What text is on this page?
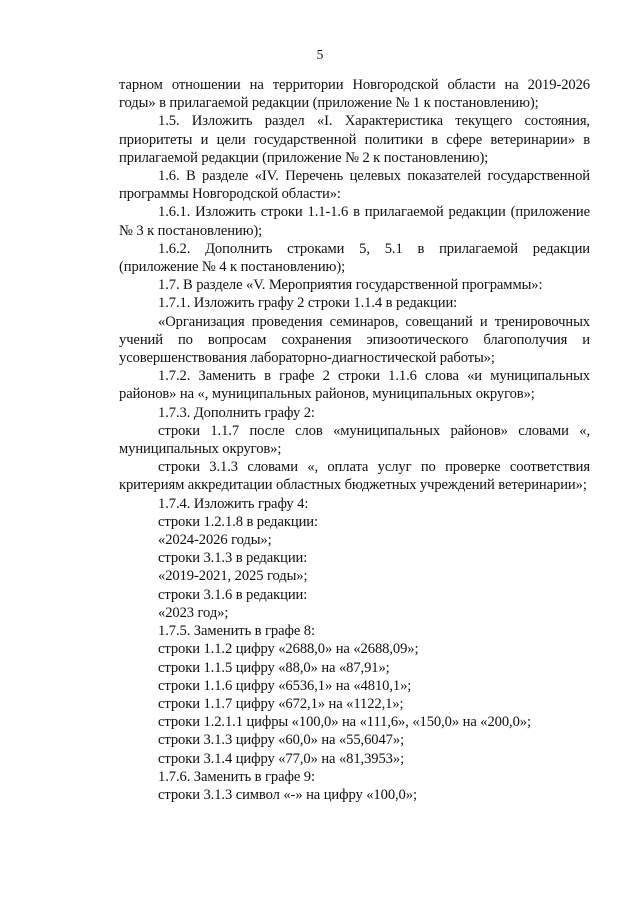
5

тарном отношении на территории Новгородской области на 2019-2026 годы» в прилагаемой редакции (приложение № 1 к постановлению);

1.5. Изложить раздел «I. Характеристика текущего состояния, приоритеты и цели государственной политики в сфере ветеринарии» в прилагаемой редакции (приложение № 2 к постановлению);

1.6. В разделе «IV. Перечень целевых показателей государственной программы Новгородской области»:

1.6.1. Изложить строки 1.1-1.6 в прилагаемой редакции (приложение № 3 к постановлению);

1.6.2. Дополнить строками 5, 5.1 в прилагаемой редакции (приложение № 4 к постановлению);

1.7. В разделе «V. Мероприятия государственной программы»:

1.7.1. Изложить графу 2 строки 1.1.4 в редакции:

«Организация проведения семинаров, совещаний и тренировочных учений по вопросам сохранения эпизоотического благополучия и усовершенствования лабораторно-диагностической работы»;

1.7.2. Заменить в графе 2 строки 1.1.6 слова «и муниципальных районов» на «, муниципальных районов, муниципальных округов»;

1.7.3. Дополнить графу 2:

строки 1.1.7 после слов «муниципальных районов» словами «, муниципальных округов»;

строки 3.1.3 словами «, оплата услуг по проверке соответствия критериям аккредитации областных бюджетных учреждений ветеринарии»;

1.7.4. Изложить графу 4:

строки 1.2.1.8 в редакции:

«2024-2026 годы»;

строки 3.1.3 в редакции:

«2019-2021, 2025 годы»;

строки 3.1.6 в редакции:

«2023 год»;

1.7.5. Заменить в графе 8:

строки 1.1.2 цифру «2688,0» на «2688,09»;

строки 1.1.5 цифру «88,0» на «87,91»;

строки 1.1.6 цифру «6536,1» на «4810,1»;

строки 1.1.7 цифру «672,1» на «1122,1»;

строки 1.2.1.1 цифры «100,0» на «111,6», «150,0» на «200,0»;

строки 3.1.3 цифру «60,0» на «55,6047»;

строки 3.1.4 цифру «77,0» на «81,3953»;

1.7.6. Заменить в графе 9:

строки 3.1.3 символ «-» на цифру «100,0»;
